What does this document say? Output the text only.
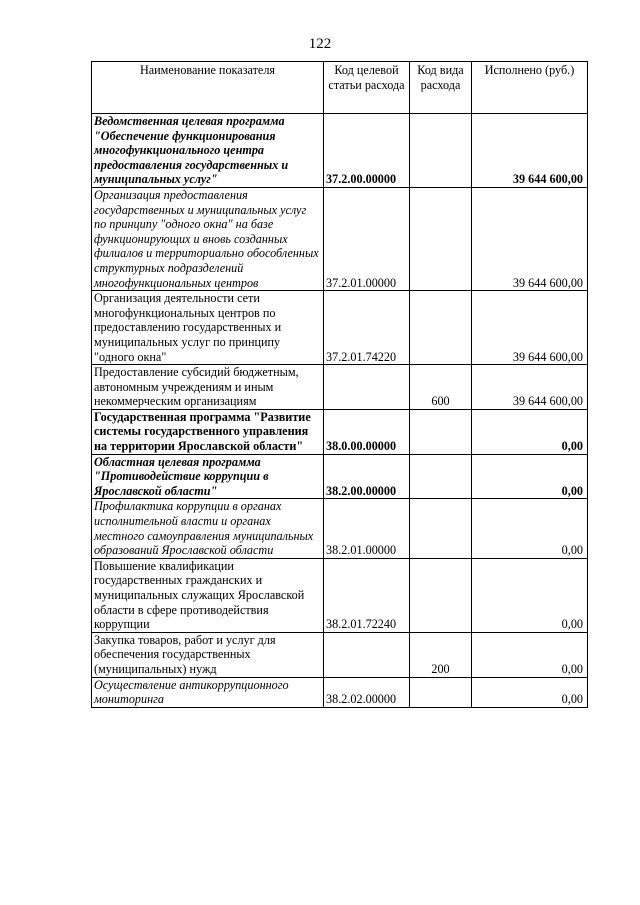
122
Наименование показателя	Код целевой статьи расхода	Код вида расхода	Исполнено (руб.)
Ведомственная целевая программа "Обеспечение функционирования многофункционального центра предоставления государственных и муниципальных услуг"	37.2.00.00000		39 644 600,00
Организация предоставления государственных и муниципальных услуг по принципу "одного окна" на базе функционирующих и вновь созданных филиалов и территориально обособленных структурных подразделений многофункциональных центров	37.2.01.00000		39 644 600,00
Организация деятельности сети многофункциональных центров по предоставлению государственных и муниципальных услуг по принципу "одного окна"	37.2.01.74220		39 644 600,00
Предоставление субсидий бюджетным, автономным учреждениям и иным некоммерческим организациям		600	39 644 600,00
Государственная программа "Развитие системы государственного управления на территории Ярославской области"	38.0.00.00000		0,00
Областная целевая программа "Противодействие коррупции в Ярославской области"	38.2.00.00000		0,00
Профилактика коррупции в органах исполнительной власти и органах местного самоуправления муниципальных образований Ярославской области	38.2.01.00000		0,00
Повышение квалификации государственных гражданских и муниципальных служащих Ярославской области в сфере противодействия коррупции	38.2.01.72240		0,00
Закупка товаров, работ и услуг для обеспечения государственных (муниципальных) нужд		200	0,00
Осуществление антикоррупционного мониторинга	38.2.02.00000		0,00
